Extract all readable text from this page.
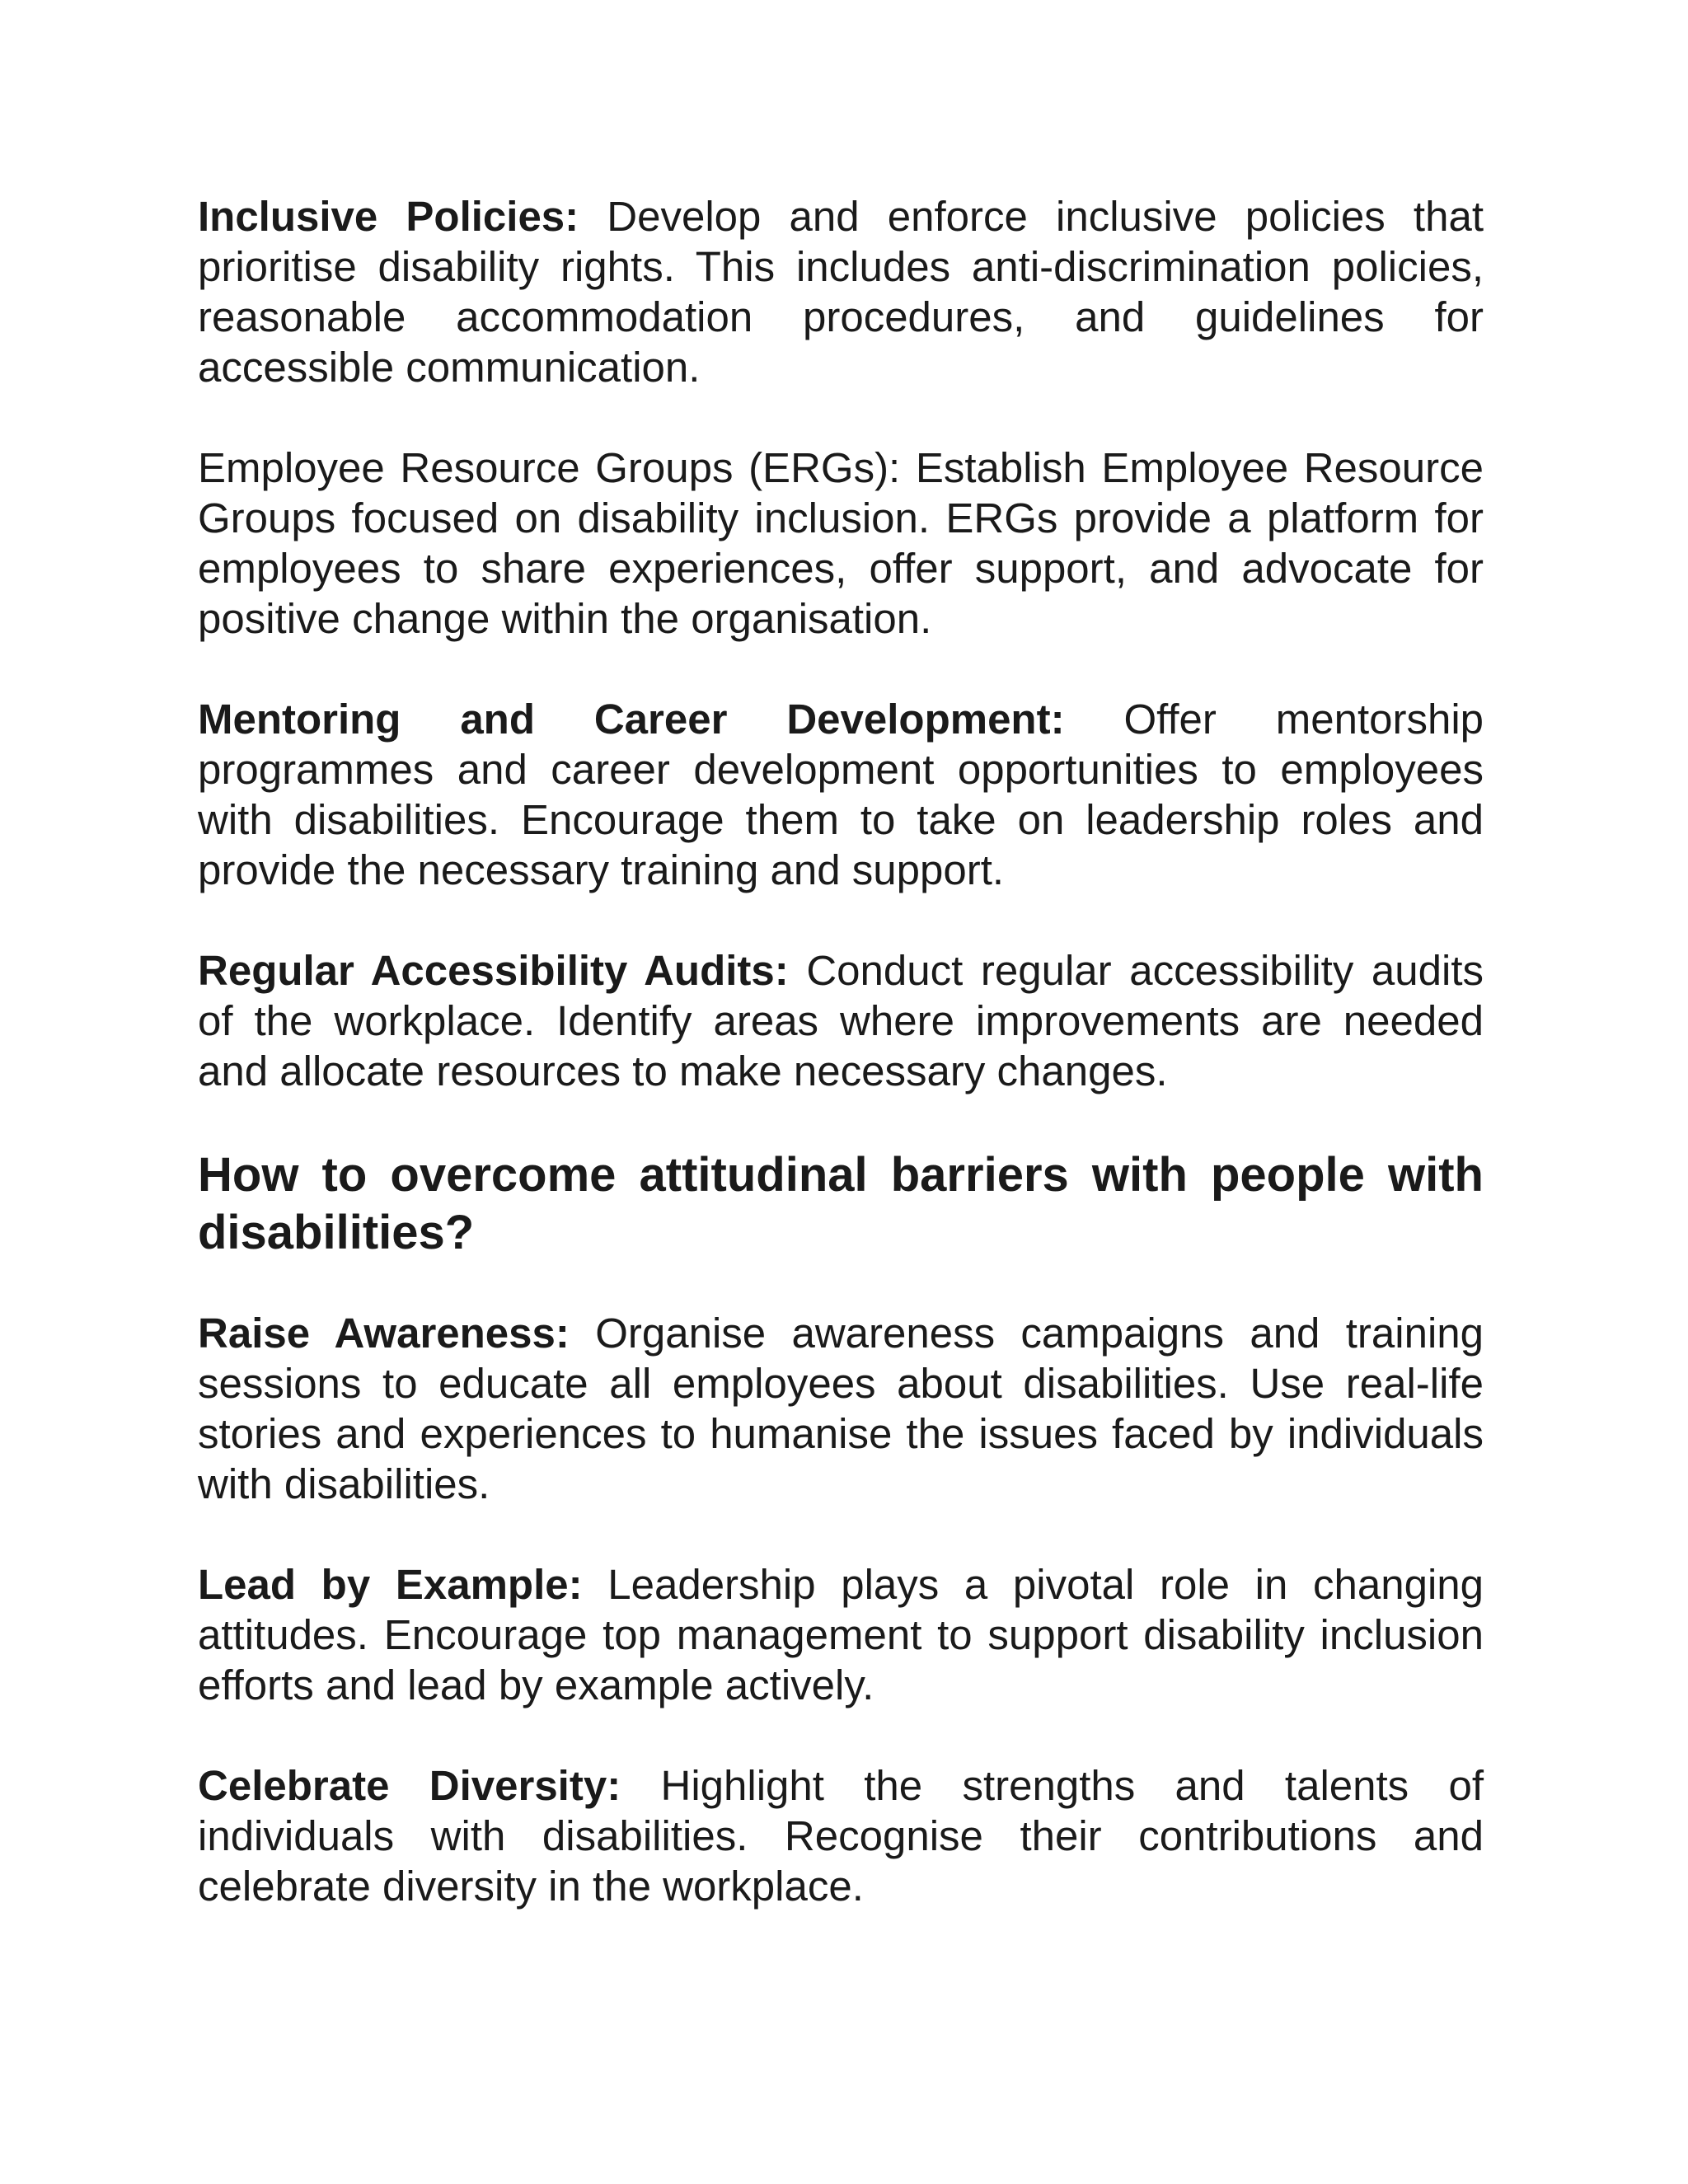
Inclusive Policies: Develop and enforce inclusive policies that prioritise disability rights. This includes anti-discrimination policies, reasonable accommodation procedures, and guidelines for accessible communication.

Employee Resource Groups (ERGs): Establish Employee Resource Groups focused on disability inclusion. ERGs provide a platform for employees to share experiences, offer support, and advocate for positive change within the organisation.

Mentoring and Career Development: Offer mentorship programmes and career development opportunities to employees with disabilities. Encourage them to take on leadership roles and provide the necessary training and support.

Regular Accessibility Audits: Conduct regular accessibility audits of the workplace. Identify areas where improvements are needed and allocate resources to make necessary changes.

How to overcome attitudinal barriers with people with disabilities?

Raise Awareness: Organise awareness campaigns and training sessions to educate all employees about disabilities. Use real-life stories and experiences to humanise the issues faced by individuals with disabilities.

Lead by Example: Leadership plays a pivotal role in changing attitudes. Encourage top management to support disability inclusion efforts and lead by example actively.

Celebrate Diversity: Highlight the strengths and talents of individuals with disabilities. Recognise their contributions and celebrate diversity in the workplace.
